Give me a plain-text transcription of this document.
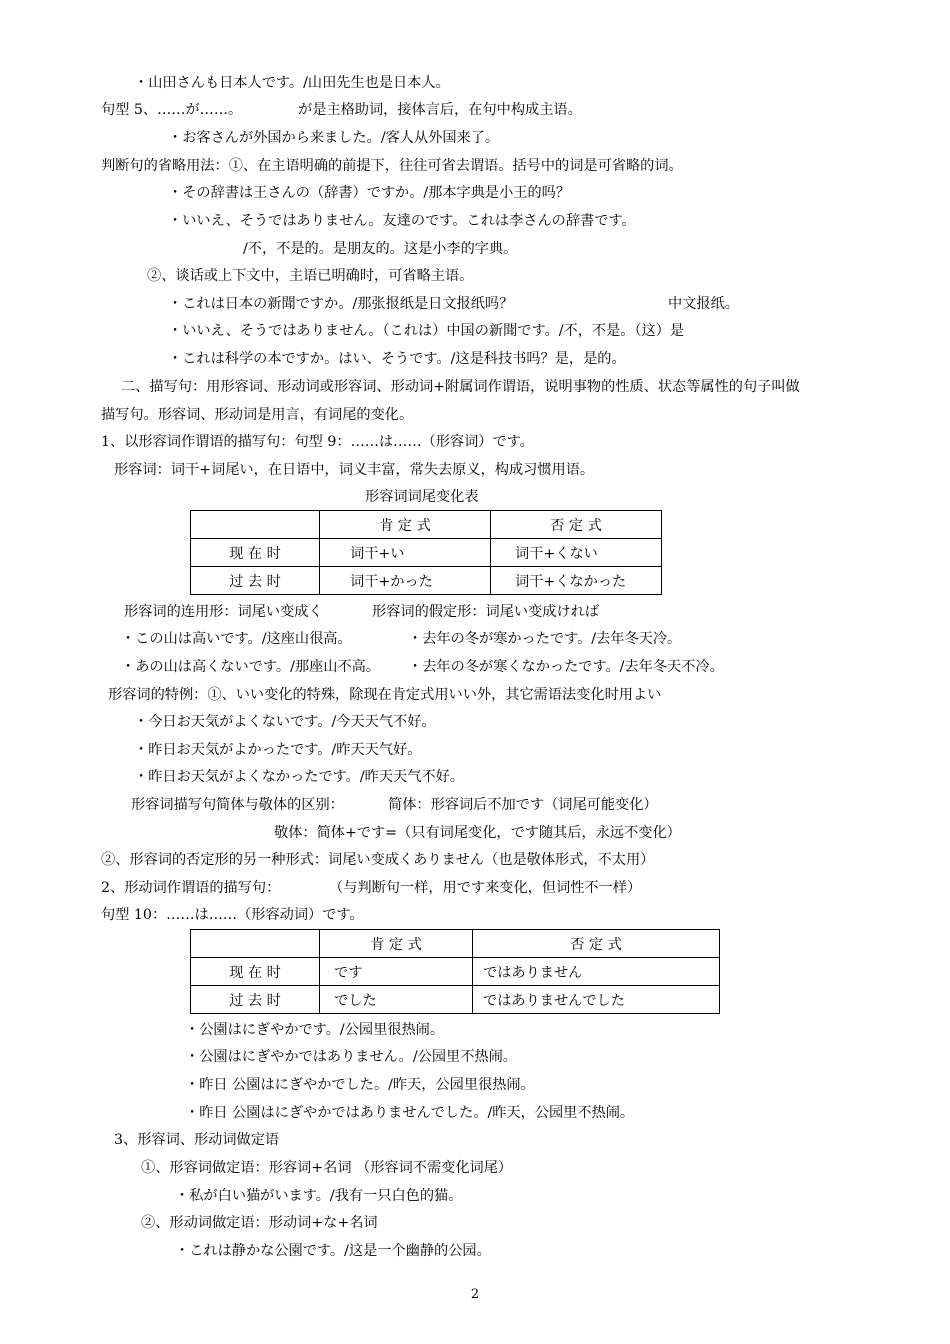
・山田さんも日本人です。/山田先生也是日本人。
句型 5、……が……。	が是主格助词，接体言后，在句中构成主语。
・お客さんが外国から来ました。/客人从外国来了。
判断句的省略用法：①、在主语明确的前提下，往往可省去谓语。括号中的词是可省略的词。
・その辞書は王さんの（辞書）ですか。/那本字典是小王的吗？
・いいえ、そうではありません。友達のです。これは李さんの辞書です。
/不，不是的。是朋友的。这是小李的字典。
②、谈话或上下文中，主语已明确时，可省略主语。
・これは日本の新聞ですか。/那张报纸是日文报纸吗？	中文报纸。
・いいえ、そうではありません。（これは）中国の新聞です。/不，不是。（这）是
・これは科学の本ですか。はい、そうです。/这是科技书吗？是，是的。
二、描写句：用形容词、形动词或形容词、形动词+附属词作谓语，说明事物的性质、状态等属性的句子叫做
描写句。形容词、形动词是用言，有词尾的变化。
1、以形容词作谓语的描写句：句型 9：……は……（形容词）です。
形容词：词干+词尾い，在日语中，词义丰富，常失去原义，构成习惯用语。
形容词词尾变化表
	肯 定 式	否 定 式
现 在 时	词干+い	词干+くない
过 去 时	词干+かった	词干+くなかった
形容词的连用形：词尾い变成く	形容词的假定形：词尾い变成ければ
・この山は高いです。/这座山很高。	・去年の冬が寒かったです。/去年冬天冷。
・あの山は高くないです。/那座山不高。 ・去年の冬が寒くなかったです。/去年冬天不冷。
形容词的特例：①、いい变化的特殊，除现在肯定式用いい外，其它需语法变化时用よい
・今日お天気がよくないです。/今天天气不好。
・昨日お天気がよかったです。/昨天天气好。
・昨日お天気がよくなかったです。/昨天天气不好。
形容词描写句简体与敬体的区别：	简体：形容词后不加です（词尾可能变化）
敬体：简体+です=（只有词尾变化，です随其后，永远不变化）
②、形容词的否定形的另一种形式：词尾い变成くありません（也是敬体形式，不太用）
2、形动词作谓语的描写句：	（与判断句一样，用です来变化，但词性不一样）
句型 10：……は……（形容动词）です。
	肯 定 式	否 定 式
现 在 时	です	ではありません
过 去 时	でした	ではありませんでした
・公園はにぎやかです。/公园里很热闹。
・公園はにぎやかではありません。/公园里不热闹。
・昨日 公園はにぎやかでした。/昨天，公园里很热闹。
・昨日 公園はにぎやかではありませんでした。/昨天，公园里不热闹。
3、形容词、形动词做定语
①、形容词做定语：形容词+名词 （形容词不需变化词尾）
・私が白い猫がいます。/我有一只白色的猫。
②、形动词做定语：形动词+な+名词
・これは静かな公園です。/这是一个幽静的公园。
2
